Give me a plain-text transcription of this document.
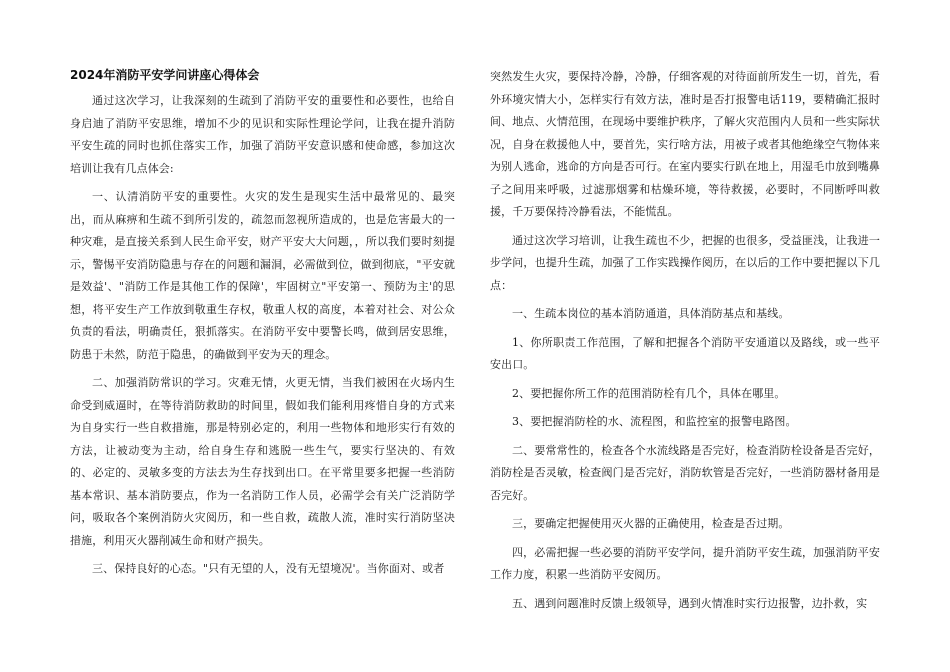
2024年消防平安学问讲座心得体会

通过这次学习，让我深刻的生疏到了消防平安的重要性和必要性，也给自身启迪了消防平安思维，增加不少的见识和实际性理论学问，让我在提升消防平安生疏的同时也抓住落实工作，加强了消防平安意识感和使命感，参加这次培训让我有几点体会:

一、认清消防平安的重要性。火灾的发生是现实生活中最常见的、最突出，而从麻痹和生疏不到所引发的，疏忽而忽视所造成的，也是危害最大的一种灾难，是直接关系到人民生命平安，财产平安大大问题，，所以我们要时刻提示，警惕平安消防隐患与存在的问题和漏洞，必需做到位，做到彻底，"平安就是效益'、"消防工作是其他工作的保障'，牢固树立"平安第一、预防为主'的思想，将平安生产工作放到敬重生存权，敬重人权的高度，本着对社会、对公众负责的看法，明确责任，狠抓落实。在消防平安中要警长鸣，做到居安思维，防患于未然，防范于隐患，的确做到平安为天的理念。

二、加强消防常识的学习。灾难无情，火更无情，当我们被困在火场内生命受到威逼时，在等待消防救助的时间里，假如我们能利用疼惜自身的方式来为自身实行一些自救措施，那是特别必定的，利用一些物体和地形实行有效的方法，让被动变为主动，给自身生存和逃脱一些生气，要实行坚决的、有效的、必定的、灵敏多变的方法去为生存找到出口。在平常里要多把握一些消防基本常识、基本消防要点，作为一名消防工作人员，必需学会有关广泛消防学问，吸取各个案例消防火灾阅历，和一些自救，疏散人流，准时实行消防坚决措施，利用灭火器削减生命和财产损失。

三、保持良好的心态。"只有无望的人，没有无望境况'。当你面对、或者

突然发生火灾，要保持冷静，冷静，仔细客观的对待面前所发生一切，首先，看外环境灾情大小，怎样实行有效方法，准时是否打报警电话119，要精确汇报时间、地点、火情范围，在现场中要维护秩序，了解火灾范围内人员和一些实际状况，自身在救援他人中，要首先，实行啥方法，用被子或者其他绝缘空气物体来为别人逃命，逃命的方向是否可行。在室内要实行趴在地上，用湿毛巾放到嘴鼻子之间用来呼吸，过滤那烟雾和枯燥环境，等待救援，必要时，不同断呼叫救援，千万要保持冷静看法，不能慌乱。

通过这次学习培训，让我生疏也不少，把握的也很多，受益匪浅，让我进一步学问，也提升生疏，加强了工作实践操作阅历，在以后的工作中要把握以下几点：

一、生疏本岗位的基本消防通道，具体消防基点和基线。

1、你所职责工作范围，了解和把握各个消防平安通道以及路线，或一些平安出口。

2、要把握你所工作的范围消防栓有几个，具体在哪里。

3、要把握消防栓的水、流程图，和监控室的报警电路图。

二、要常常性的，检查各个水流线路是否完好，检查消防栓设备是否完好，消防栓是否灵敏，检查阀门是否完好，消防软管是否完好，一些消防器材备用是否完好。

三，要确定把握使用灭火器的正确使用，检查是否过期。

四，必需把握一些必要的消防平安学问，提升消防平安生疏，加强消防平安工作力度，积累一些消防平安阅历。

五、遇到问题准时反馈上级领导，遇到火情准时实行边报警，边扑救，实
